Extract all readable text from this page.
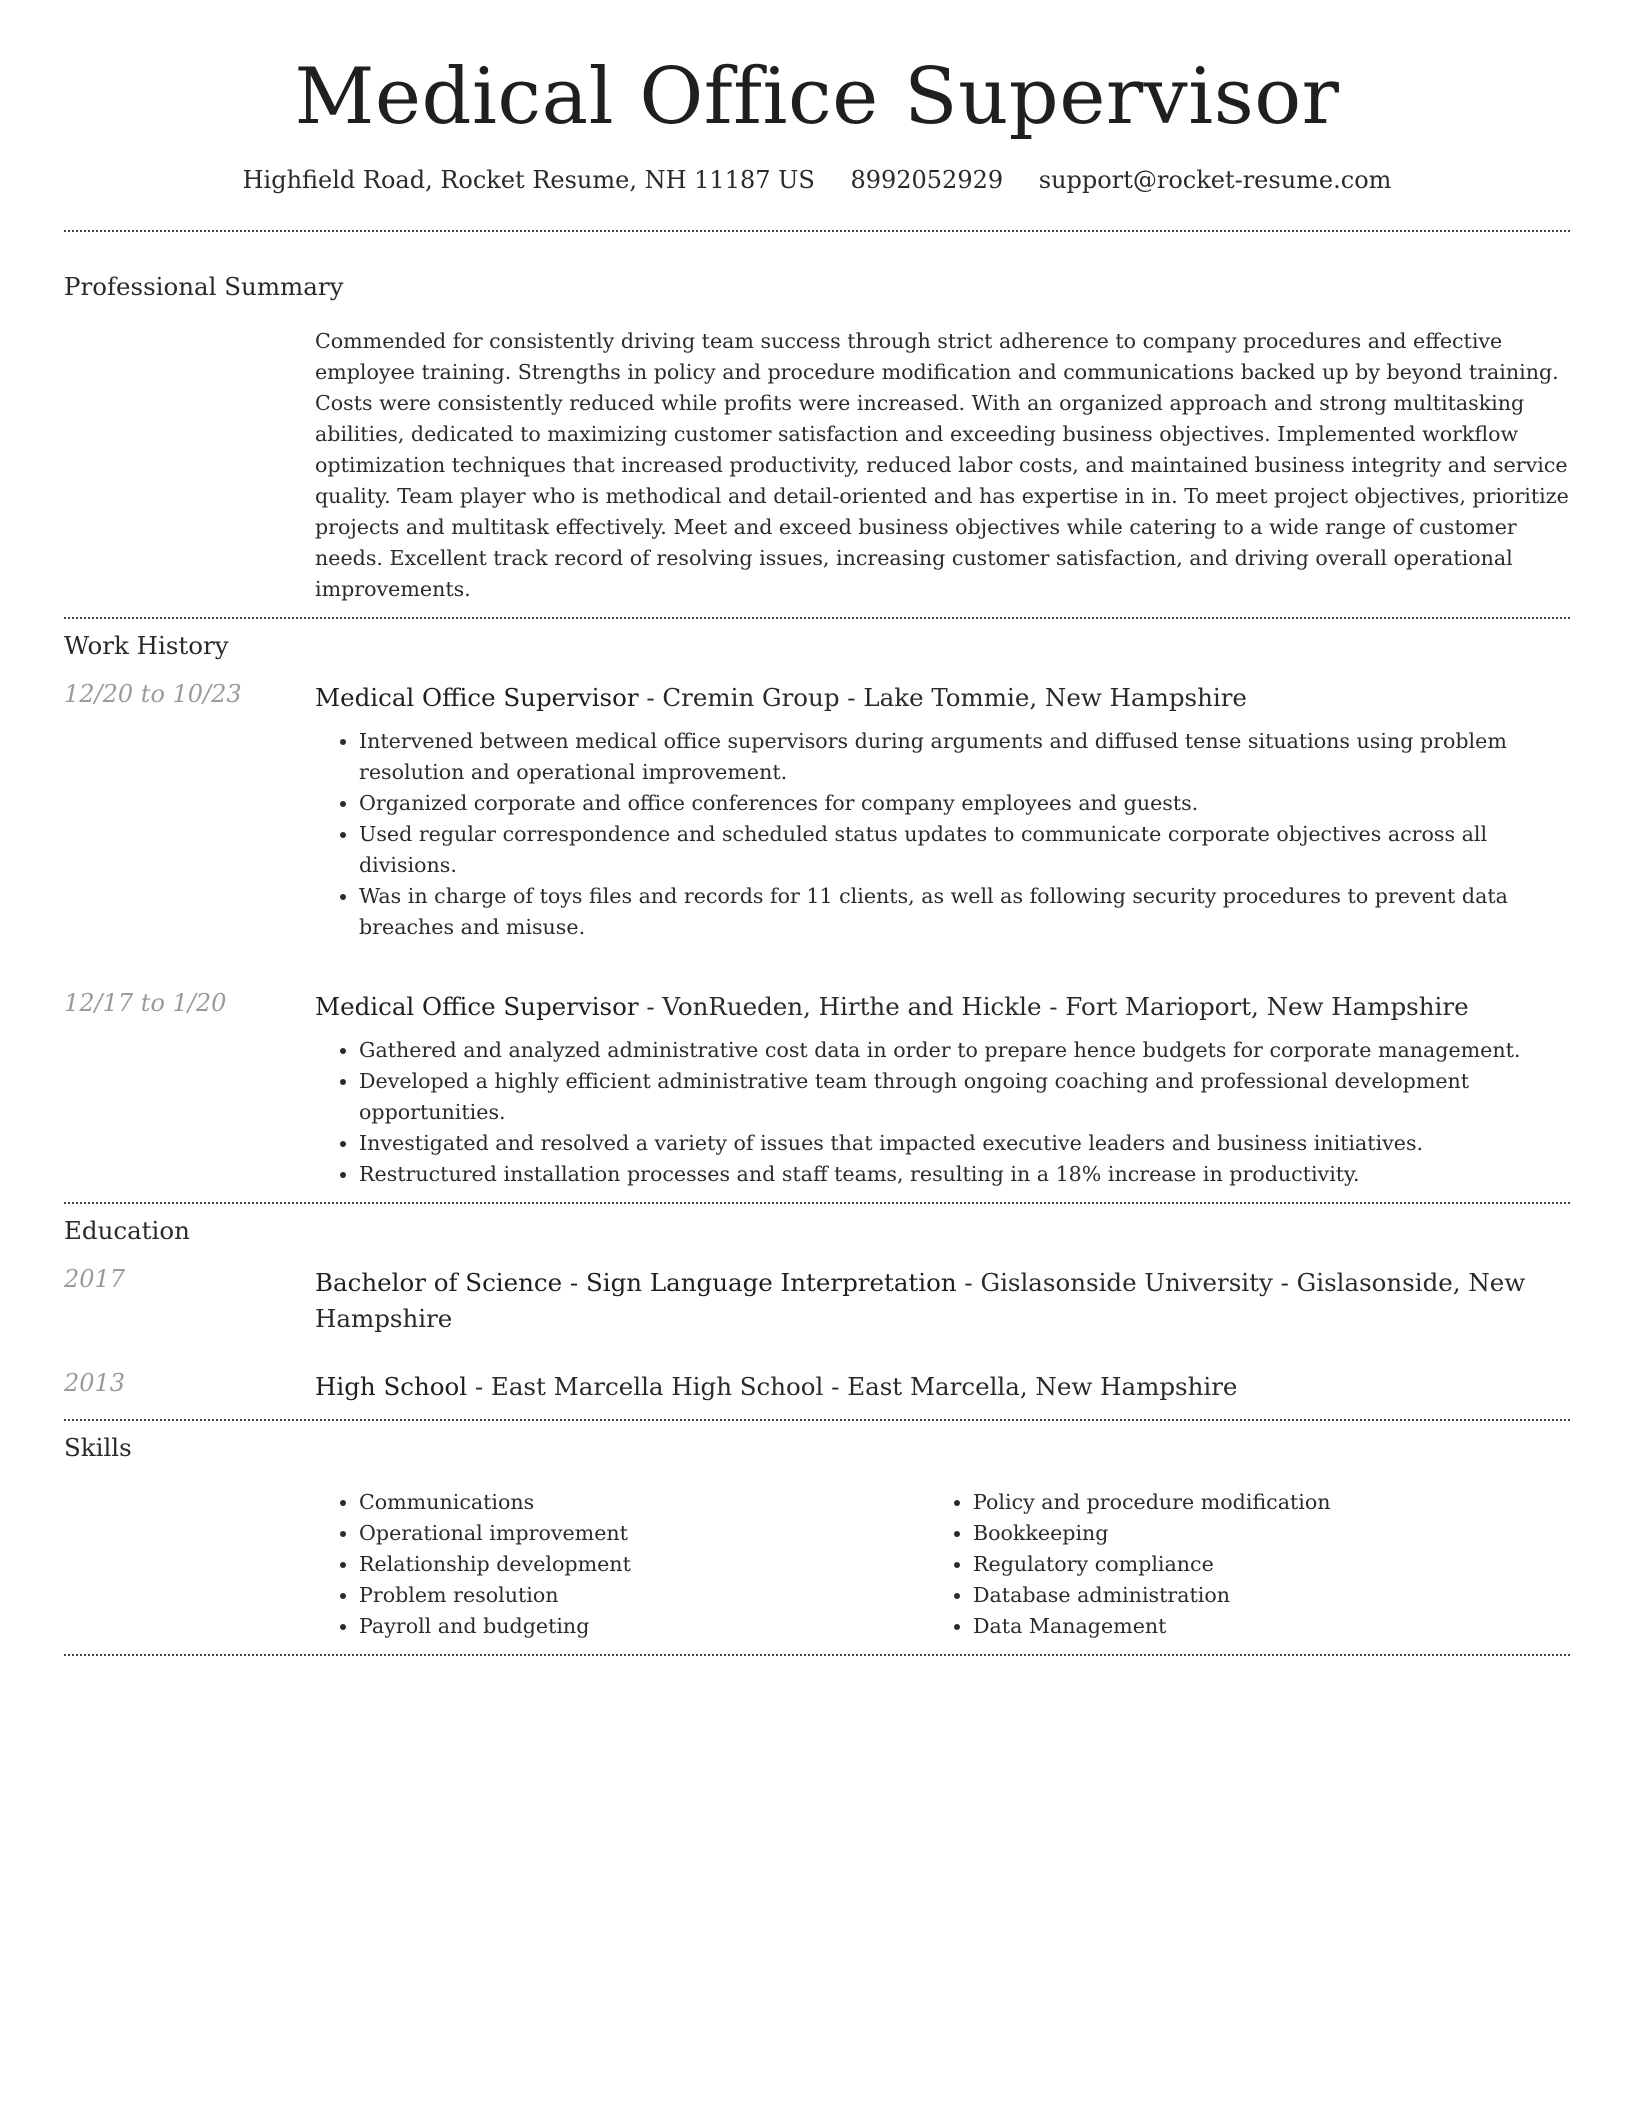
Medical Office Supervisor
Highfield Road, Rocket Resume, NH 11187 US 8992052929 support@rocket-resume.com
Professional Summary

Commended for consistently driving team success through strict adherence to company procedures and effective employee training. Strengths in policy and procedure modification and communications backed up by beyond training. Costs were consistently reduced while profits were increased. With an organized approach and strong multitasking abilities, dedicated to maximizing customer satisfaction and exceeding business objectives. Implemented workflow optimization techniques that increased productivity, reduced labor costs, and maintained business integrity and service quality. Team player who is methodical and detail-oriented and has expertise in in. To meet project objectives, prioritize projects and multitask effectively. Meet and exceed business objectives while catering to a wide range of customer needs. Excellent track record of resolving issues, increasing customer satisfaction, and driving overall operational improvements.

Work History
12/20 to 10/23	Medical Office Supervisor - Cremin Group - Lake Tommie, New Hampshire
• Intervened between medical office supervisors during arguments and diffused tense situations using problem resolution and operational improvement.
• Organized corporate and office conferences for company employees and guests.
• Used regular correspondence and scheduled status updates to communicate corporate objectives across all divisions.
• Was in charge of toys files and records for 11 clients, as well as following security procedures to prevent data breaches and misuse.
12/17 to 1/20	Medical Office Supervisor - VonRueden, Hirthe and Hickle - Fort Marioport, New Hampshire
• Gathered and analyzed administrative cost data in order to prepare hence budgets for corporate management.
• Developed a highly efficient administrative team through ongoing coaching and professional development opportunities.
• Investigated and resolved a variety of issues that impacted executive leaders and business initiatives.
• Restructured installation processes and staff teams, resulting in a 18% increase in productivity.
Education
2017	Bachelor of Science - Sign Language Interpretation - Gislasonside University - Gislasonside, New Hampshire
2013	High School - East Marcella High School - East Marcella, New Hampshire
Skills
• Communications
• Operational improvement
• Relationship development
• Problem resolution
• Payroll and budgeting
• Policy and procedure modification
• Bookkeeping
• Regulatory compliance
• Database administration
• Data Management
